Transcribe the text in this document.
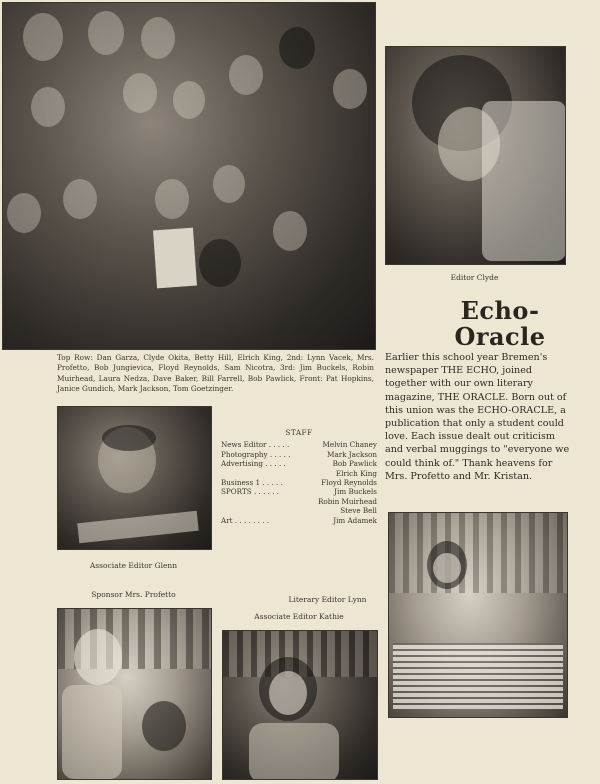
Editor Clyde
Echo-
Oracle
Top Row: Dan Garza, Clyde Okita, Betty Hill, Elrich King, 2nd: Lynn Vacek, Mrs. Profetto, Bob Jungievica, Floyd Reynolds, Sam Nicotra, 3rd: Jim Buckels, Robin Muirhead, Laura Nedza, Dave Baker, Bill Farrell, Bob Pawlick, Front: Pat Hopkins, Janice Gundich, Mark Jackson, Tom Goetzinger.
Earlier this school year Bremen's newspaper THE ECHO, joined together with our own literary magazine, THE ORACLE. Born out of this union was the ECHO-ORACLE, a publication that only a student could love. Each issue dealt out criticism and verbal muggings to "everyone we could think of." Thank heavens for Mrs. Profetto and Mr. Kristan.
Associate Editor Glenn
STAFF
News Editor . . . . .	Melvin Chaney
Photography . . . . .	Mark Jackson
Advertising . . . . .	Bob Pawlick
Elrich King
Business 1 . . . . .	Floyd Reynolds
SPORTS . . . . . .	Jim Buckels
Robin Muirhead
Steve Bell
Art . . . . . . . .	Jim Adamek
Sponsor Mrs. Profetto
Literary Editor Lynn
Associate Editor Kathie
